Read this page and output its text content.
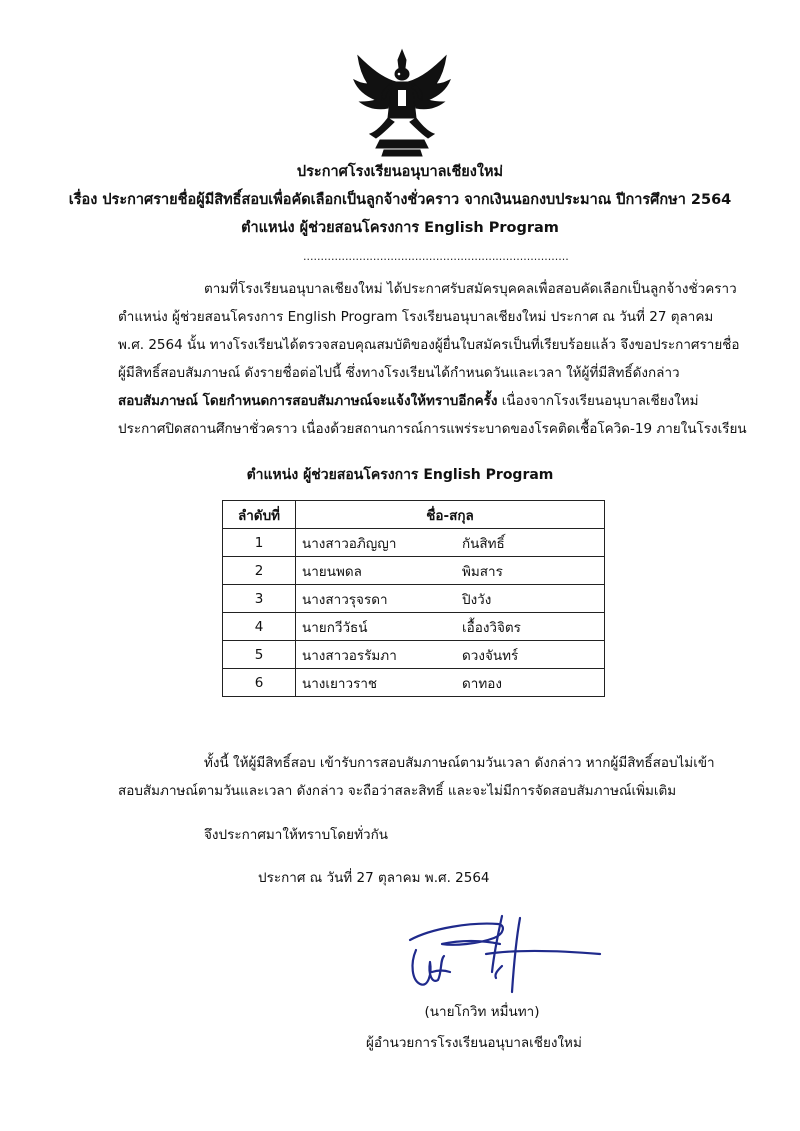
ประกาศโรงเรียนอนุบาลเชียงใหม่
เรื่อง ประกาศรายชื่อผู้มีสิทธิ์สอบเพื่อคัดเลือกเป็นลูกจ้างชั่วคราว จากเงินนอกงบประมาณ ปีการศึกษา 2564
ตำแหน่ง ผู้ช่วยสอนโครงการ English Program
............................................................................
ตามที่โรงเรียนอนุบาลเชียงใหม่ ได้ประกาศรับสมัครบุคคลเพื่อสอบคัดเลือกเป็นลูกจ้างชั่วคราว
ตำแหน่ง ผู้ช่วยสอนโครงการ English Program โรงเรียนอนุบาลเชียงใหม่ ประกาศ ณ วันที่ 27 ตุลาคม
พ.ศ. 2564 นั้น ทางโรงเรียนได้ตรวจสอบคุณสมบัติของผู้ยื่นใบสมัครเป็นที่เรียบร้อยแล้ว จึงขอประกาศรายชื่อ
ผู้มีสิทธิ์สอบสัมภาษณ์ ดังรายชื่อต่อไปนี้ ซึ่งทางโรงเรียนได้กำหนดวันและเวลา ให้ผู้ที่มีสิทธิ์ดังกล่าว
สอบสัมภาษณ์ โดยกำหนดการสอบสัมภาษณ์จะแจ้งให้ทราบอีกครั้ง เนื่องจากโรงเรียนอนุบาลเชียงใหม่
ประกาศปิดสถานศึกษาชั่วคราว เนื่องด้วยสถานการณ์การแพร่ระบาดของโรคติดเชื้อโควิด-19 ภายในโรงเรียน
ตำแหน่ง ผู้ช่วยสอนโครงการ English Program
ลำดับที่	ชื่อ-สกุล
1	นางสาวอภิญญา กันสิทธิ์
2	นายนพดล พิมสาร
3	นางสาวรุจรดา ปิงวัง
4	นายกวีวัธน์ เอื้องวิจิตร
5	นางสาวอรรัมภา ดวงจันทร์
6	นางเยาวราช ดาทอง
ทั้งนี้ ให้ผู้มีสิทธิ์สอบ เข้ารับการสอบสัมภาษณ์ตามวันเวลา ดังกล่าว หากผู้มีสิทธิ์สอบไม่เข้า
สอบสัมภาษณ์ตามวันและเวลา ดังกล่าว จะถือว่าสละสิทธิ์ และจะไม่มีการจัดสอบสัมภาษณ์เพิ่มเติม
จึงประกาศมาให้ทราบโดยทั่วกัน
ประกาศ ณ วันที่ 27 ตุลาคม พ.ศ. 2564
(นายโกวิท หมื่นทา)
ผู้อำนวยการโรงเรียนอนุบาลเชียงใหม่
